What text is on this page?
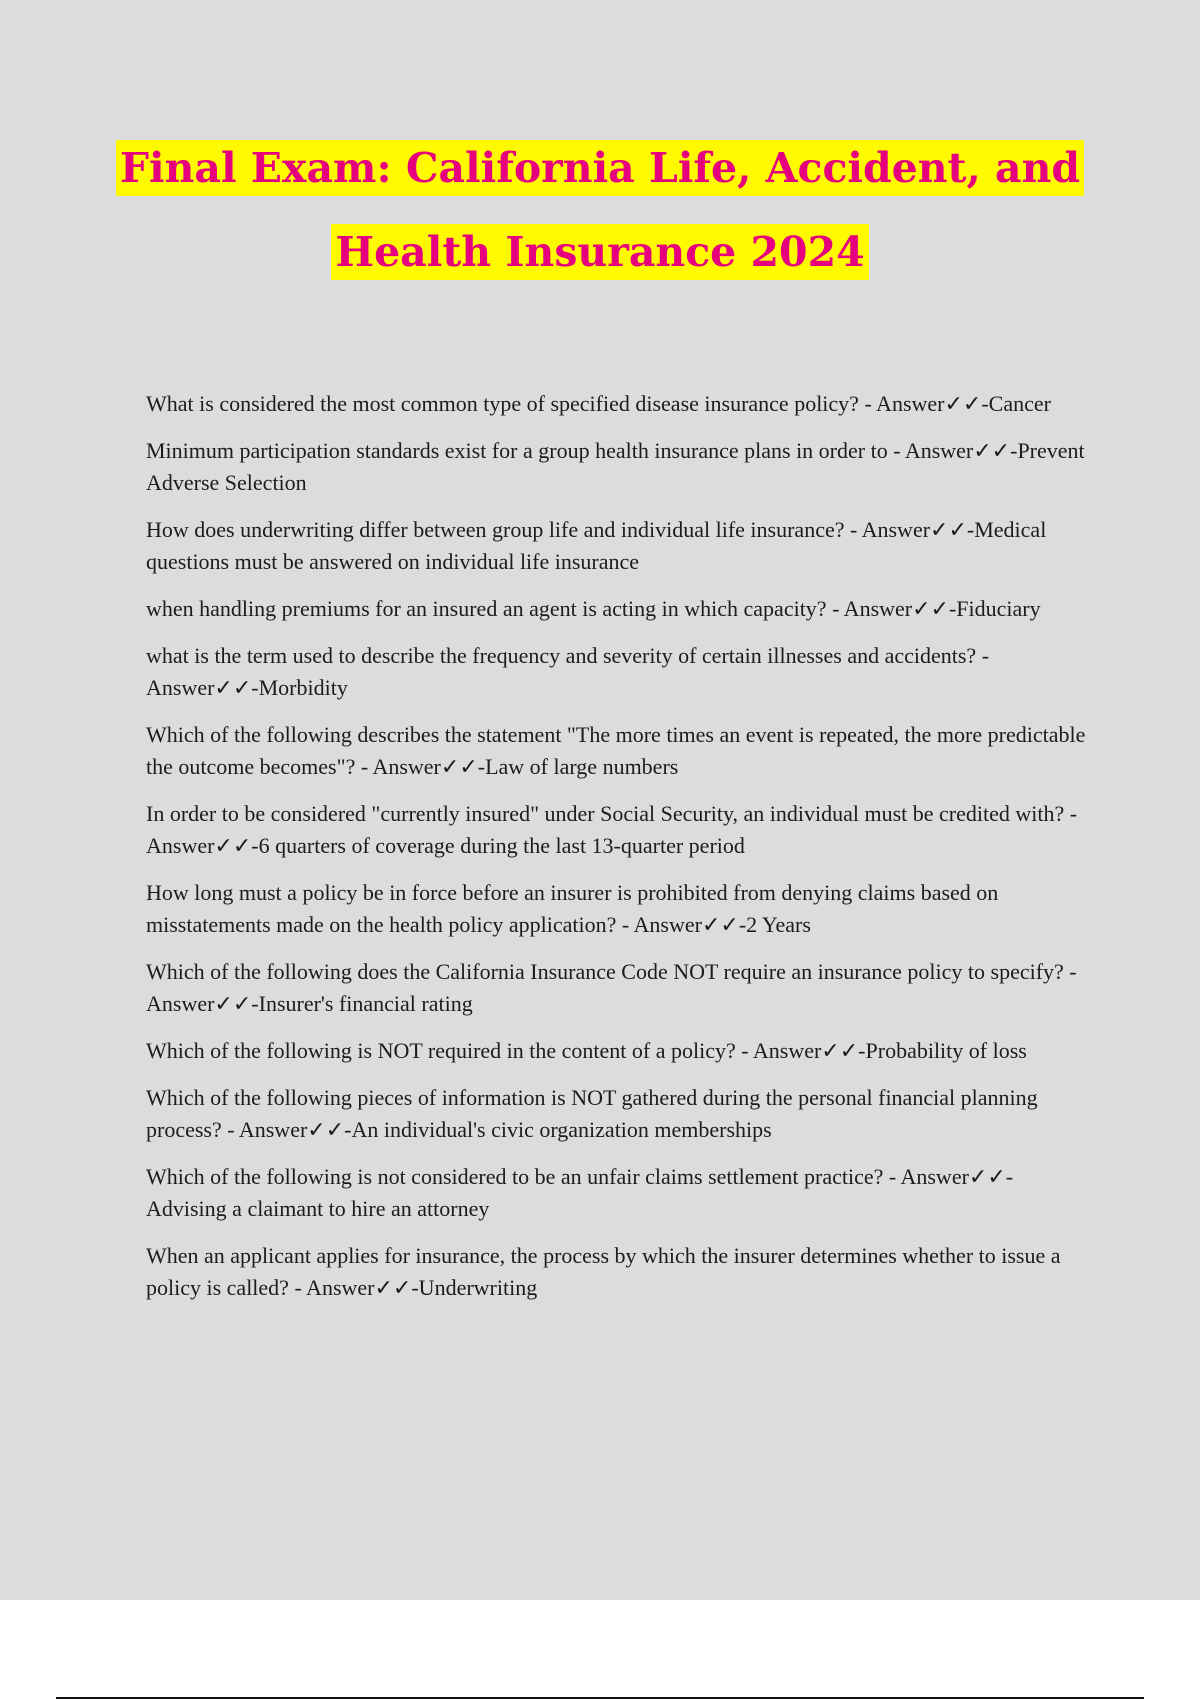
Final Exam: California Life, Accident, and
Health Insurance 2024

What is considered the most common type of specified disease insurance policy? - Answer✓✓-Cancer

Minimum participation standards exist for a group health insurance plans in order to - Answer✓✓-Prevent Adverse Selection

How does underwriting differ between group life and individual life insurance? - Answer✓✓-Medical questions must be answered on individual life insurance

when handling premiums for an insured an agent is acting in which capacity? - Answer✓✓-Fiduciary

what is the term used to describe the frequency and severity of certain illnesses and accidents? - Answer✓✓-Morbidity

Which of the following describes the statement "The more times an event is repeated, the more predictable the outcome becomes"? - Answer✓✓-Law of large numbers

In order to be considered "currently insured" under Social Security, an individual must be credited with? - Answer✓✓-6 quarters of coverage during the last 13-quarter period

How long must a policy be in force before an insurer is prohibited from denying claims based on misstatements made on the health policy application? - Answer✓✓-2 Years

Which of the following does the California Insurance Code NOT require an insurance policy to specify? - Answer✓✓-Insurer's financial rating

Which of the following is NOT required in the content of a policy? - Answer✓✓-Probability of loss

Which of the following pieces of information is NOT gathered during the personal financial planning process? - Answer✓✓-An individual's civic organization memberships

Which of the following is not considered to be an unfair claims settlement practice? - Answer✓✓-Advising a claimant to hire an attorney

When an applicant applies for insurance, the process by which the insurer determines whether to issue a policy is called? - Answer✓✓-Underwriting
